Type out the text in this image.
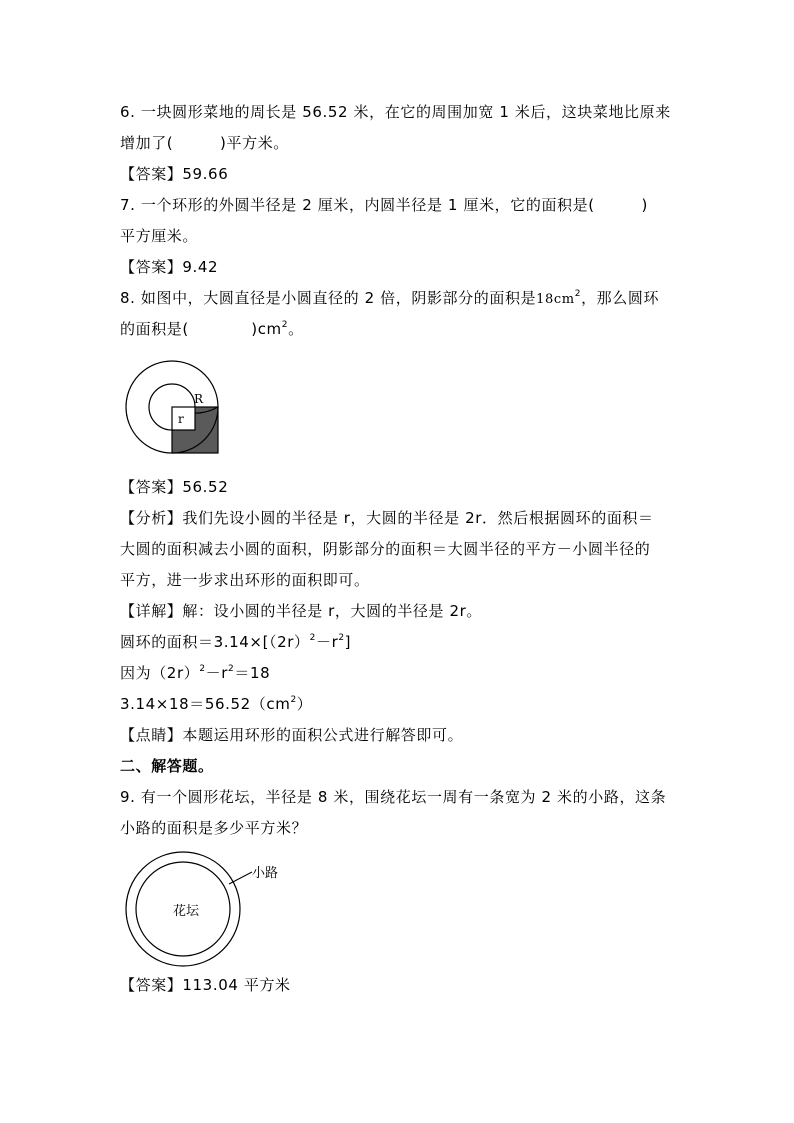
6. 一块圆形菜地的周长是 56.52 米，在它的周围加宽 1 米后，这块菜地比原来
增加了(　　　)平方米。
【答案】59.66
7. 一个环形的外圆半径是 2 厘米，内圆半径是 1 厘米，它的面积是(　　　)
平方厘米。
【答案】9.42
8. 如图中，大圆直径是小圆直径的 2 倍，阴影部分的面积是$18cm^2$，那么圆环
的面积是(　　　　)$cm^2$。
R
r
【答案】56.52
【分析】我们先设小圆的半径是 r，大圆的半径是 2r．然后根据圆环的面积＝
大圆的面积减去小圆的面积，阴影部分的面积＝大圆半径的平方－小圆半径的
平方，进一步求出环形的面积即可。
【详解】解：设小圆的半径是 r，大圆的半径是 2r。
圆环的面积$=3.14\times[(2r)^2-r^2]$
因为$(2r)^2-r^2=18$
$3.14\times 18=56.52(cm^2)$
【点睛】本题运用环形的面积公式进行解答即可。
二、解答题。
9. 有一个圆形花坛，半径是 8 米，围绕花坛一周有一条宽为 2 米的小路，这条
小路的面积是多少平方米？
花坛
小路
【答案】113.04 平方米
